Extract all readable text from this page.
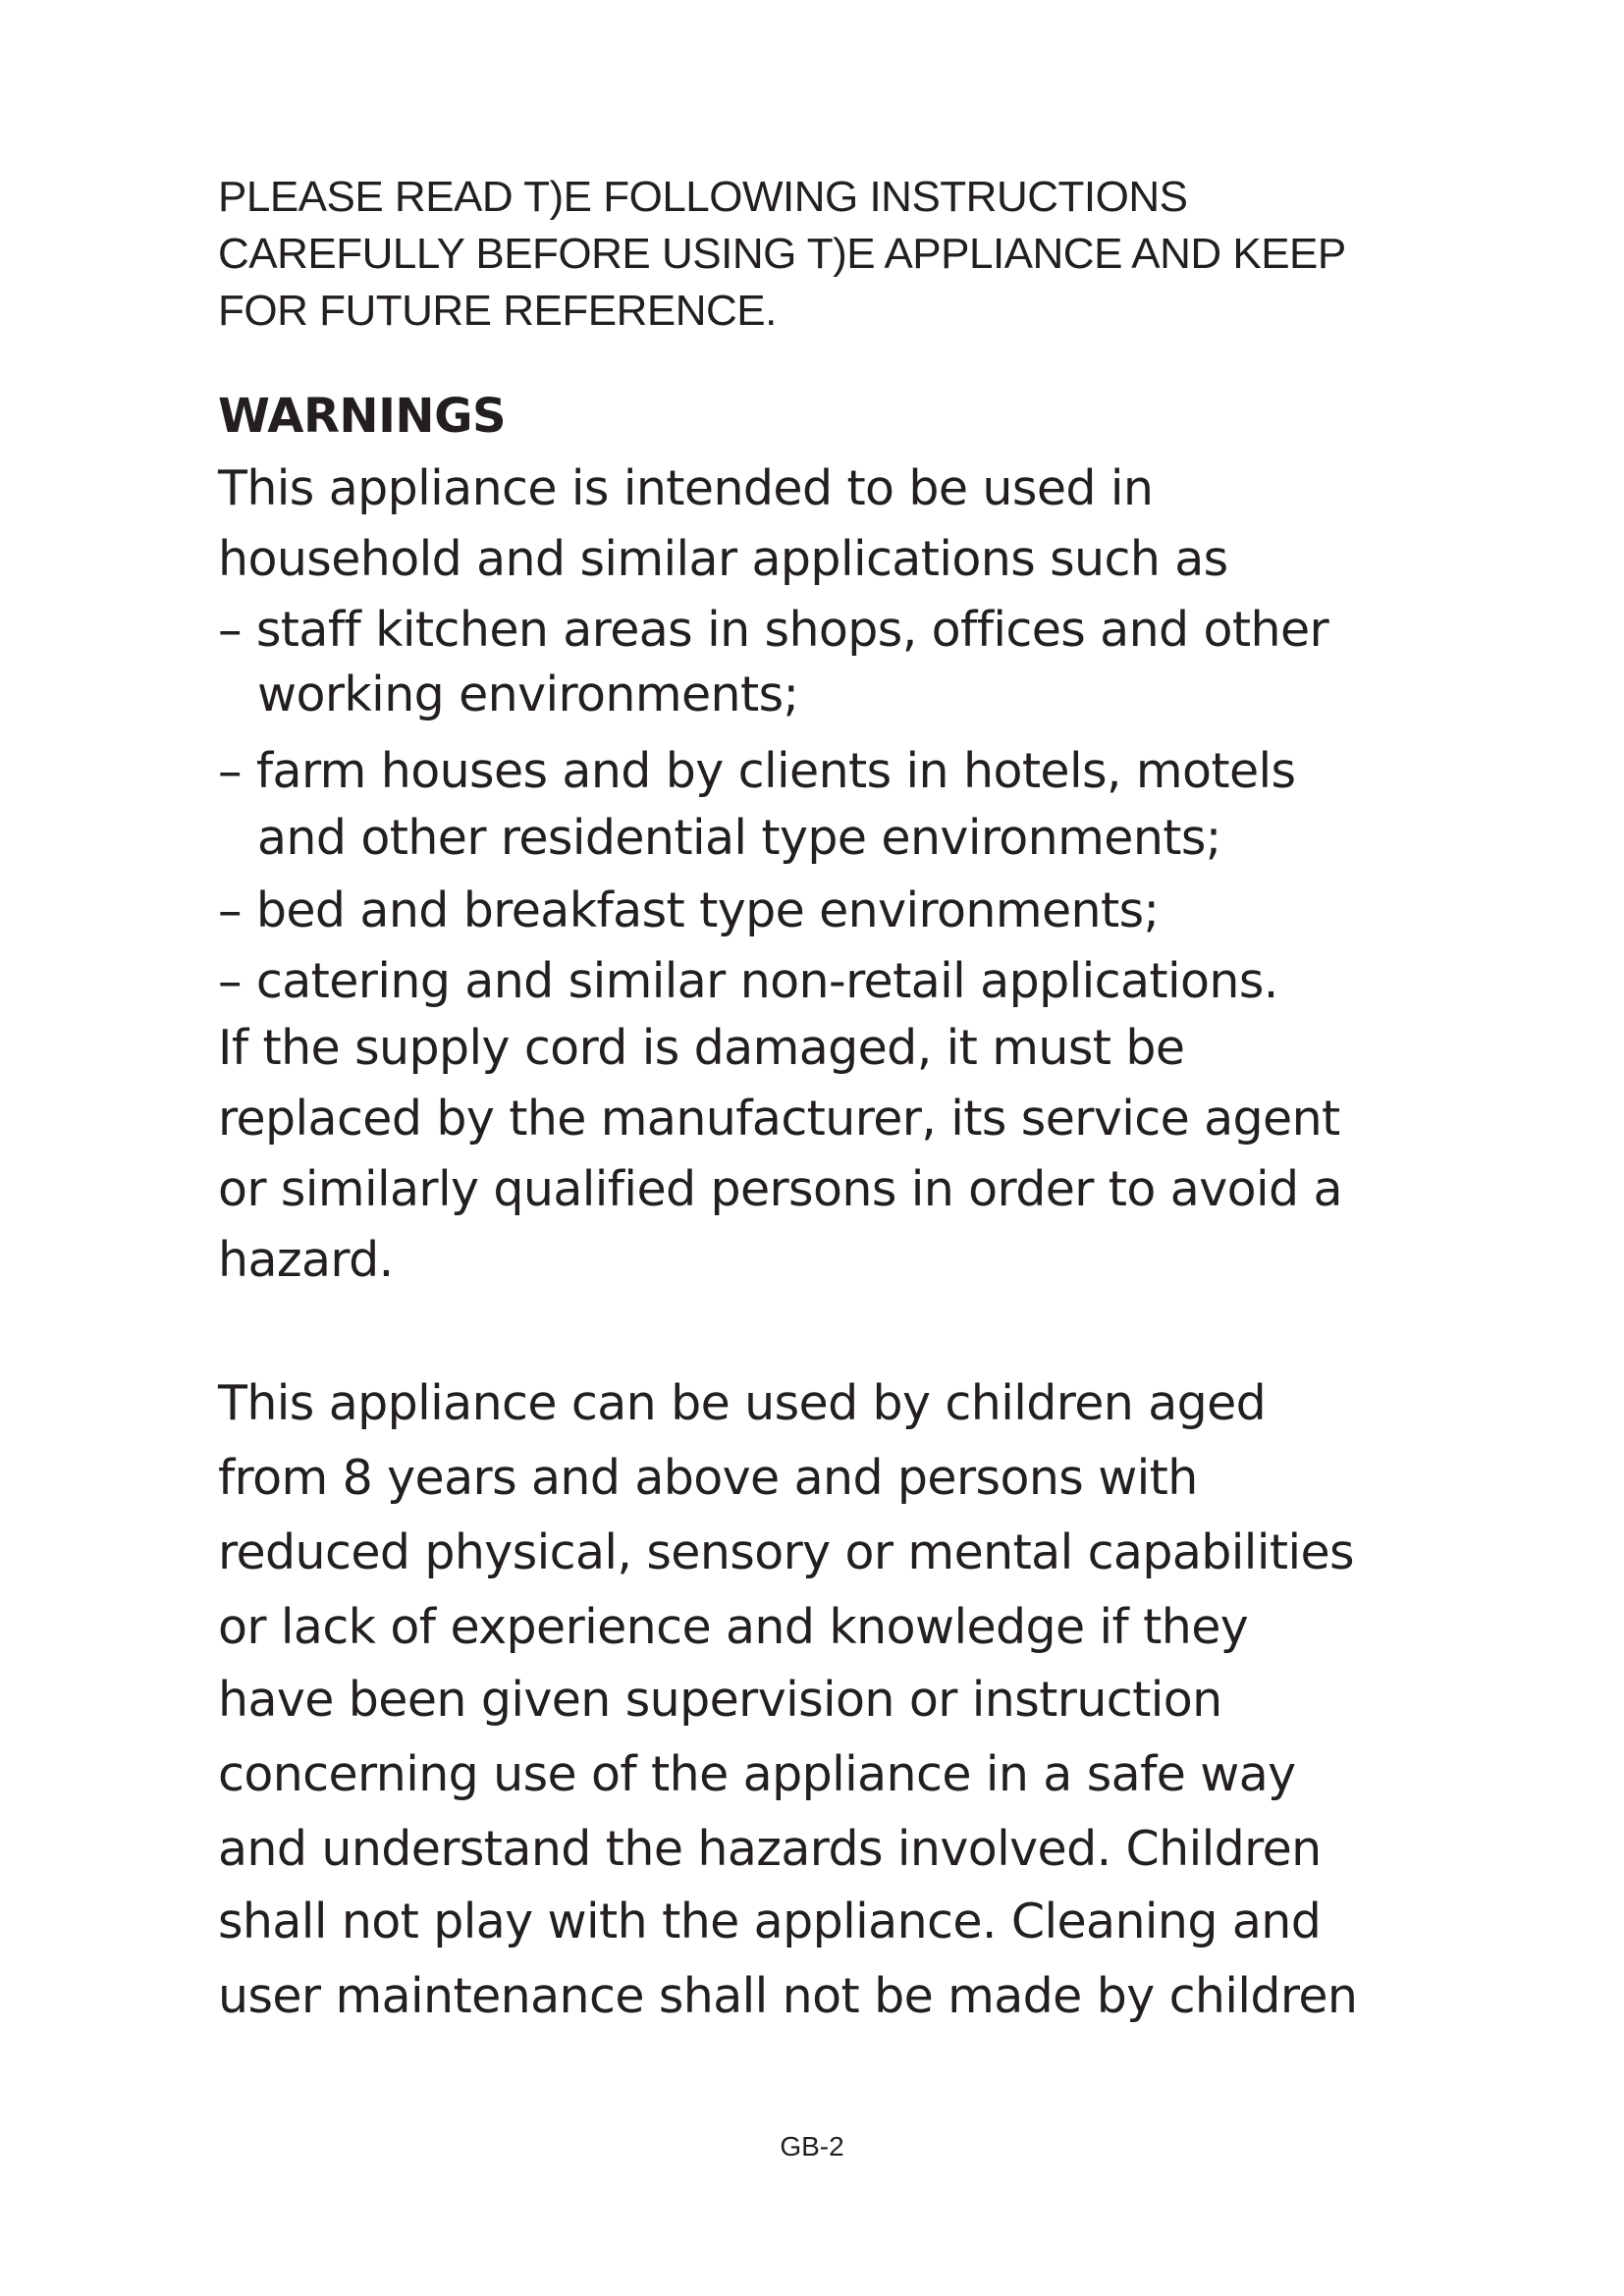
PLEASE READ T)E FOLLOWING INSTRUCTIONS
CAREFULLY BEFORE USING T)E APPLIANCE AND KEEP
FOR FUTURE REFERENCE.

WARNINGS

This appliance is intended to be used in

household and similar applications such as

– staff kitchen areas in shops, offices and other

working environments;

– farm houses and by clients in hotels, motels

and other residential type environments;

– bed and breakfast type environments;

– catering and similar non-retail applications.

If the supply cord is damaged, it must be

replaced by the manufacturer, its service agent

or similarly qualified persons in order to avoid a

hazard.

This appliance can be used by children aged

from 8 years and above and persons with

reduced physical, sensory or mental capabilities

or lack of experience and knowledge if they

have been given supervision or instruction

concerning use of the appliance in a safe way

and understand the hazards involved. Children

shall not play with the appliance. Cleaning and

user maintenance shall not be made by children

GB-2
